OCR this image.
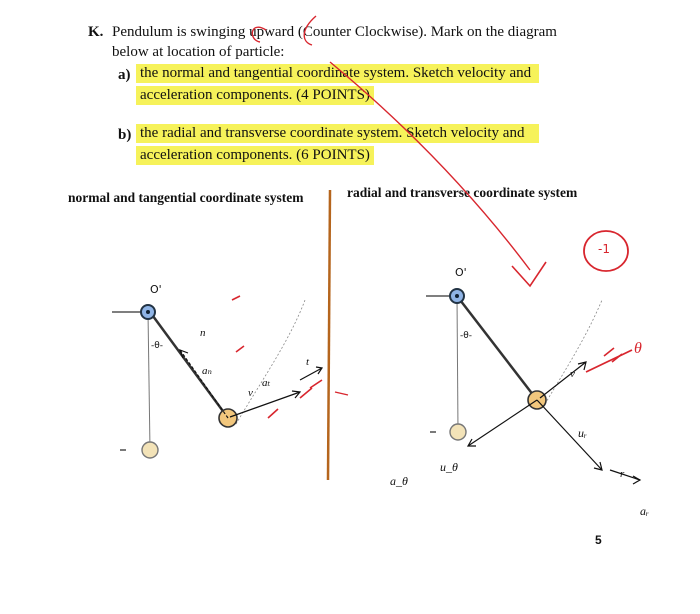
K. Pendulum is swinging upward (Counter Clockwise). Mark on the diagram
below at location of particle:
a) the normal and tangential coordinate system. Sketch velocity and
acceleration components. (4 POINTS)
b) the radial and transverse coordinate system. Sketch velocity and
acceleration components. (6 POINTS)
normal and tangential coordinate system	radial and transverse coordinate system
O'
-θ-
aₙ
aₜ
v
t
n
O'
-θ-
uᵣ
u_θ
v
r
aᵣ
a_θ
θ
-1
5
